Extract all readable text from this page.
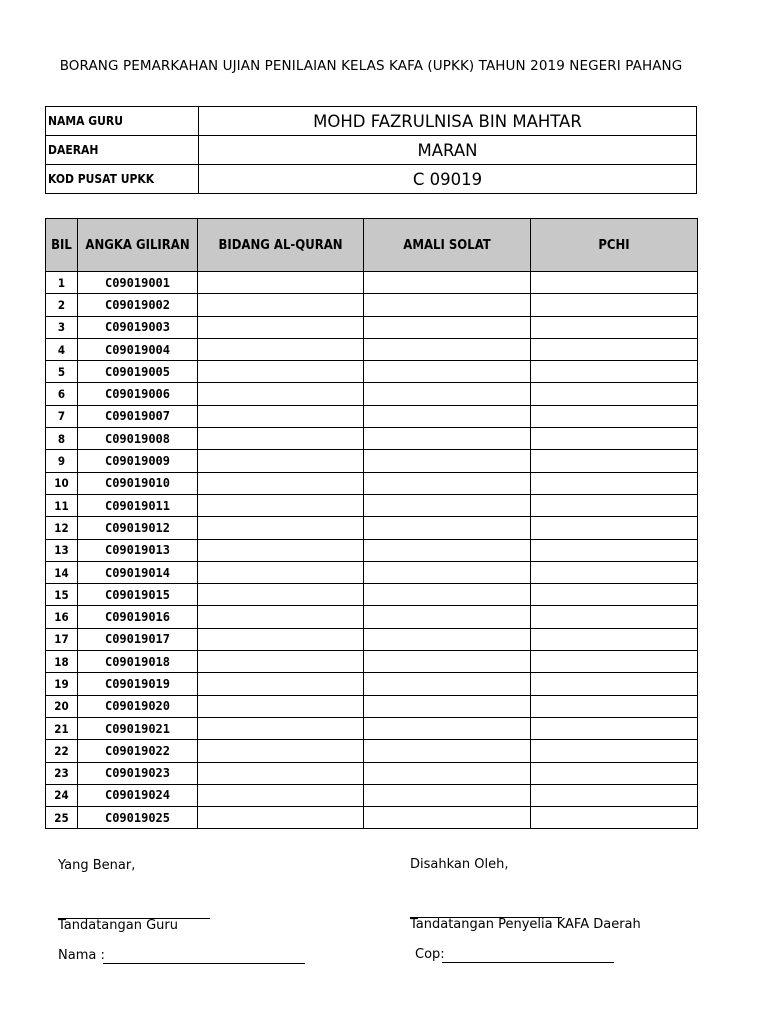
BORANG PEMARKAHAN UJIAN PENILAIAN KELAS KAFA (UPKK) TAHUN 2019 NEGERI PAHANG
NAMA GURU	MOHD FAZRULNISA BIN MAHTAR
DAERAH	MARAN
KOD PUSAT UPKK	C 09019
BIL	ANGKA GILIRAN	BIDANG AL-QURAN	AMALI SOLAT	PCHI
1	C09019001			
2	C09019002			
3	C09019003			
4	C09019004			
5	C09019005			
6	C09019006			
7	C09019007			
8	C09019008			
9	C09019009			
10	C09019010			
11	C09019011			
12	C09019012			
13	C09019013			
14	C09019014			
15	C09019015			
16	C09019016			
17	C09019017			
18	C09019018			
19	C09019019			
20	C09019020			
21	C09019021			
22	C09019022			
23	C09019023			
24	C09019024			
25	C09019025			
Yang Benar,
Tandatangan Guru
Nama :
Disahkan Oleh,
Tandatangan Penyelia KAFA Daerah
Cop:
